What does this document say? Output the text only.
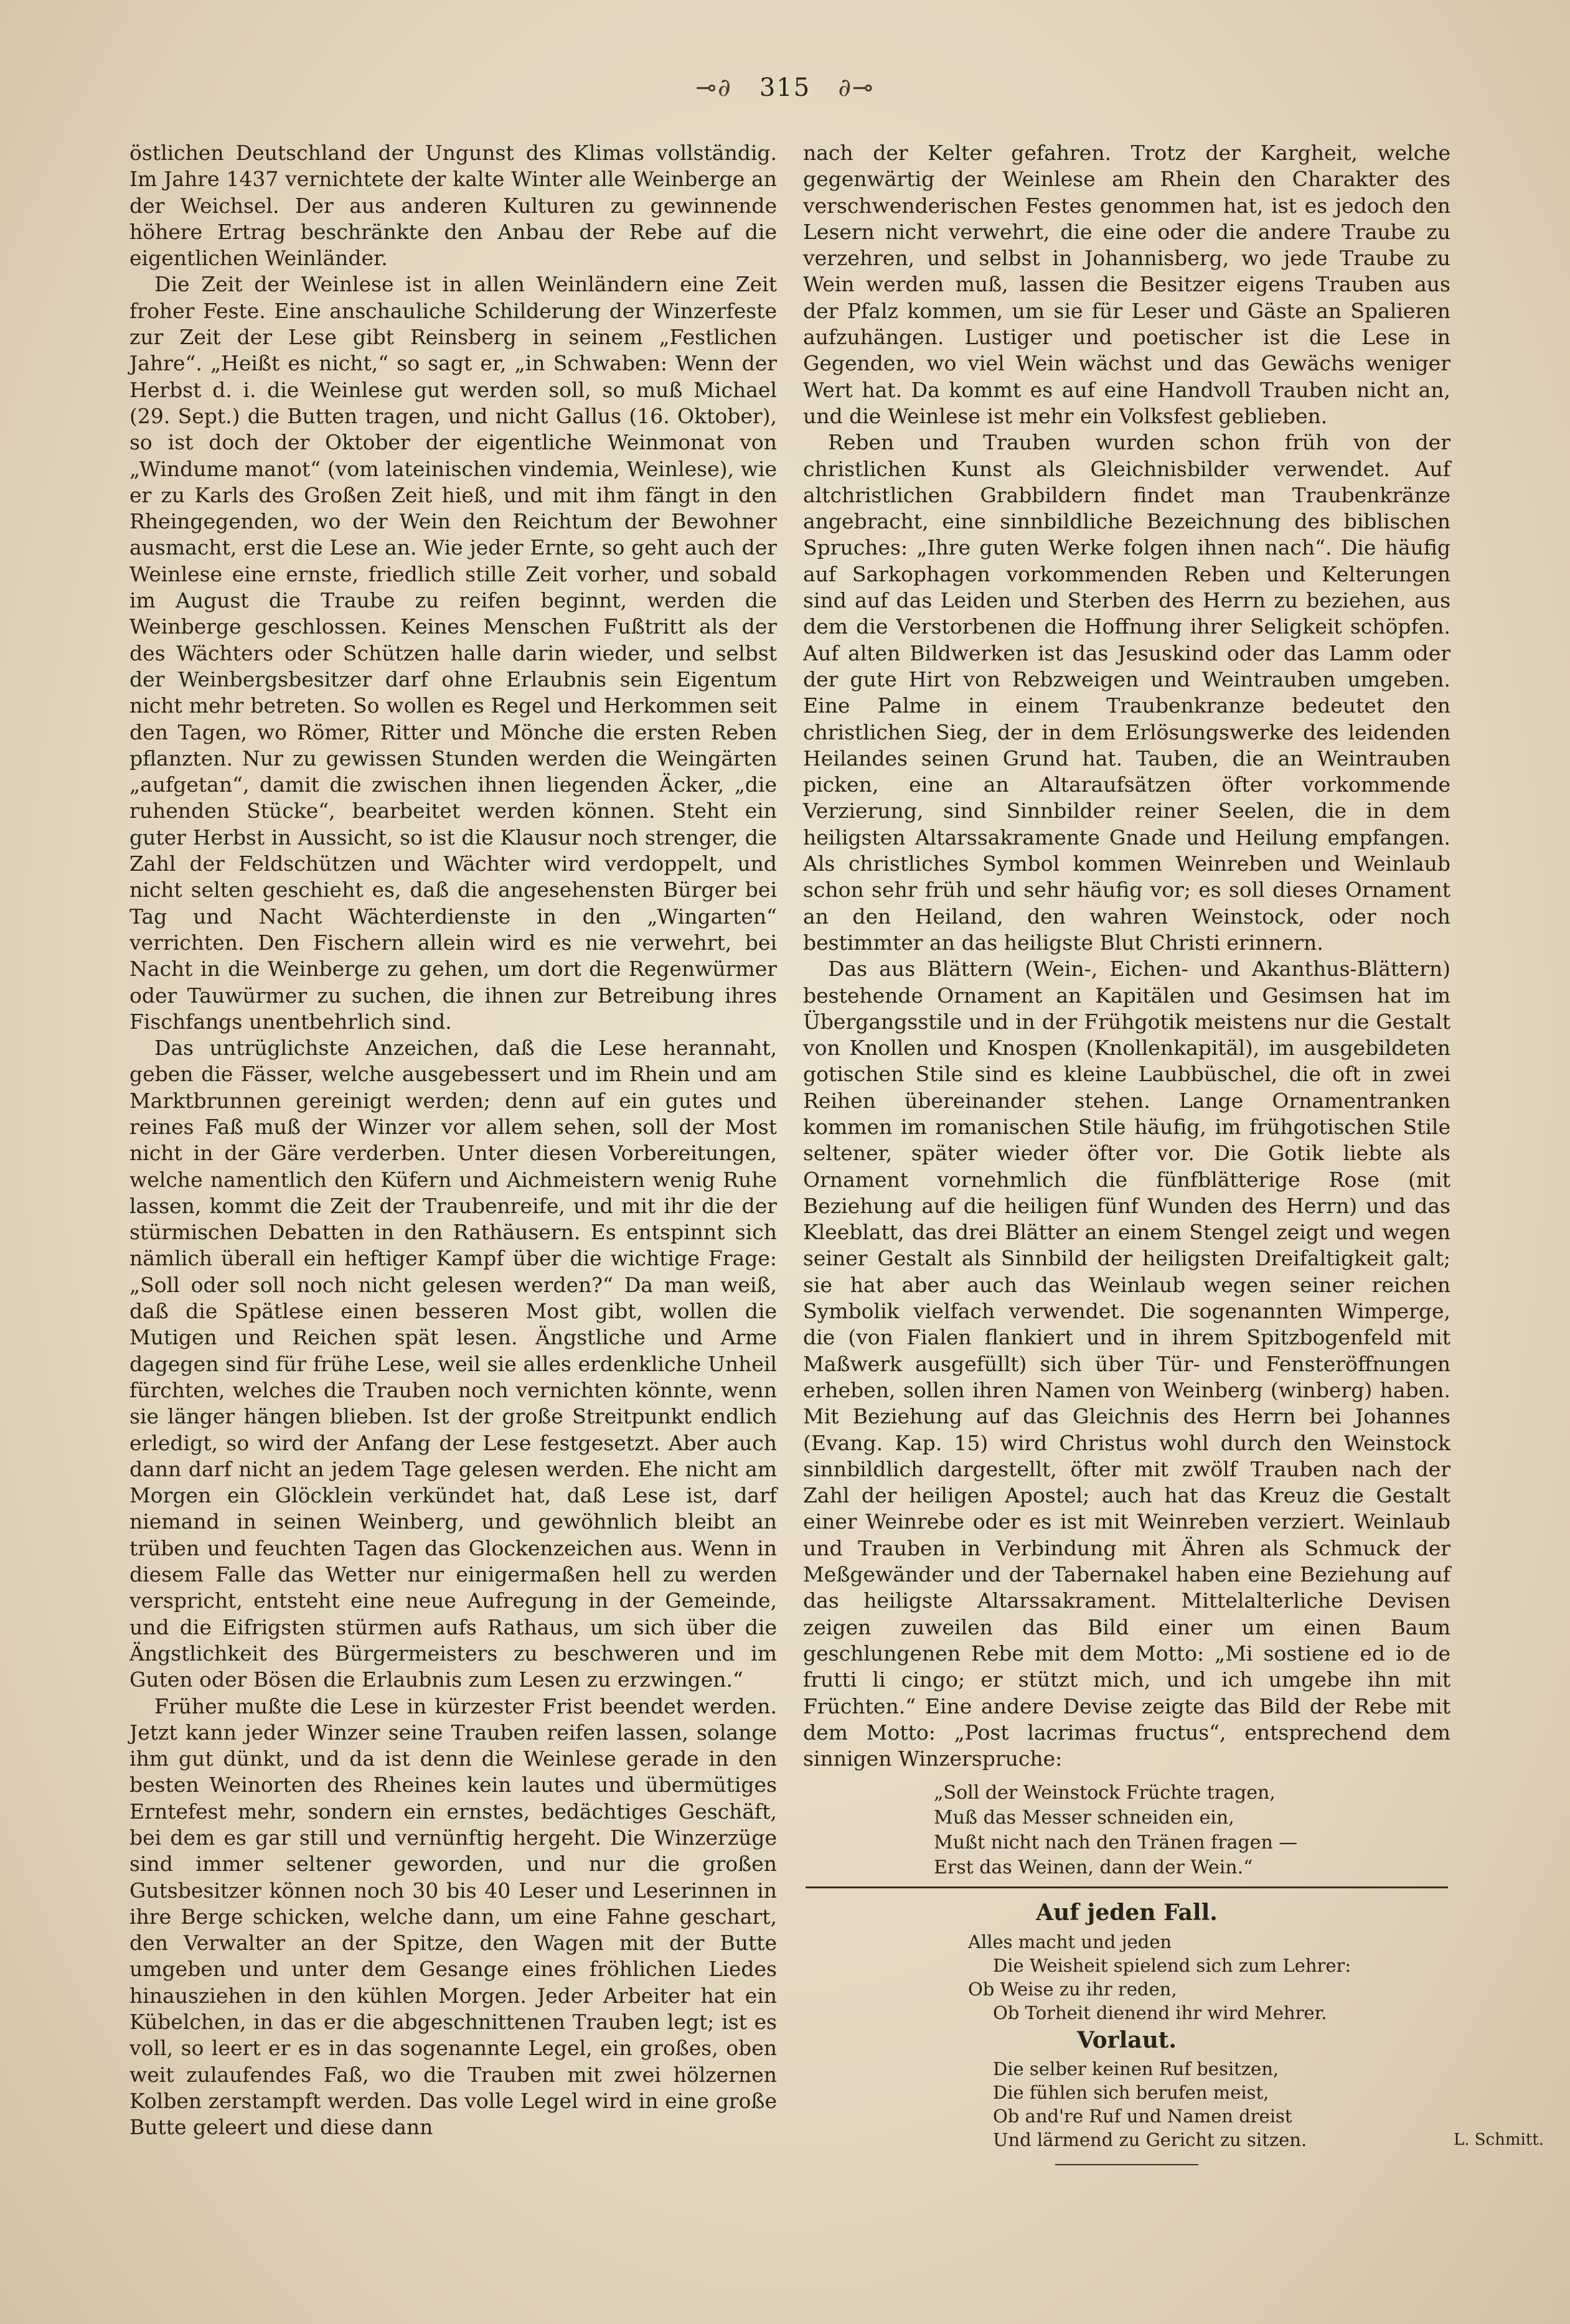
⊸∂ 315 ∂⊸

östlichen Deutschland der Ungunst des Klimas vollständig. Im Jahre 1437 vernichtete der kalte Winter alle Weinberge an der Weichsel. Der aus anderen Kulturen zu gewinnende höhere Ertrag beschränkte den Anbau der Rebe auf die eigentlichen Weinländer.

Die Zeit der Weinlese ist in allen Weinländern eine Zeit froher Feste. Eine anschauliche Schilderung der Winzerfeste zur Zeit der Lese gibt Reinsberg in seinem „Festlichen Jahre“. „Heißt es nicht,“ so sagt er, „in Schwaben: Wenn der Herbst d. i. die Weinlese gut werden soll, so muß Michael (29. Sept.) die Butten tragen, und nicht Gallus (16. Oktober), so ist doch der Oktober der eigentliche Weinmonat von „Windume manot“ (vom lateinischen vindemia, Weinlese), wie er zu Karls des Großen Zeit hieß, und mit ihm fängt in den Rheingegenden, wo der Wein den Reichtum der Bewohner ausmacht, erst die Lese an. Wie jeder Ernte, so geht auch der Weinlese eine ernste, friedlich stille Zeit vorher, und sobald im August die Traube zu reifen beginnt, werden die Weinberge geschlossen. Keines Menschen Fußtritt als der des Wächters oder Schützen halle darin wieder, und selbst der Weinbergsbesitzer darf ohne Erlaubnis sein Eigentum nicht mehr betreten. So wollen es Regel und Herkommen seit den Tagen, wo Römer, Ritter und Mönche die ersten Reben pflanzten. Nur zu gewissen Stunden werden die Weingärten „aufgetan“, damit die zwischen ihnen liegenden Äcker, „die ruhenden Stücke“, bearbeitet werden können. Steht ein guter Herbst in Aussicht, so ist die Klausur noch strenger, die Zahl der Feldschützen und Wächter wird verdoppelt, und nicht selten geschieht es, daß die angesehensten Bürger bei Tag und Nacht Wächterdienste in den „Wingarten“ verrichten. Den Fischern allein wird es nie verwehrt, bei Nacht in die Weinberge zu gehen, um dort die Regenwürmer oder Tauwürmer zu suchen, die ihnen zur Betreibung ihres Fischfangs unentbehrlich sind.

Das untrüglichste Anzeichen, daß die Lese herannaht, geben die Fässer, welche ausgebessert und im Rhein und am Marktbrunnen gereinigt werden; denn auf ein gutes und reines Faß muß der Winzer vor allem sehen, soll der Most nicht in der Gäre verderben. Unter diesen Vorbereitungen, welche namentlich den Küfern und Aichmeistern wenig Ruhe lassen, kommt die Zeit der Traubenreife, und mit ihr die der stürmischen Debatten in den Rathäusern. Es entspinnt sich nämlich überall ein heftiger Kampf über die wichtige Frage: „Soll oder soll noch nicht gelesen werden?“ Da man weiß, daß die Spätlese einen besseren Most gibt, wollen die Mutigen und Reichen spät lesen. Ängstliche und Arme dagegen sind für frühe Lese, weil sie alles erdenkliche Unheil fürchten, welches die Trauben noch vernichten könnte, wenn sie länger hängen blieben. Ist der große Streitpunkt endlich erledigt, so wird der Anfang der Lese festgesetzt. Aber auch dann darf nicht an jedem Tage gelesen werden. Ehe nicht am Morgen ein Glöcklein verkündet hat, daß Lese ist, darf niemand in seinen Weinberg, und gewöhnlich bleibt an trüben und feuchten Tagen das Glockenzeichen aus. Wenn in diesem Falle das Wetter nur einigermaßen hell zu werden verspricht, entsteht eine neue Aufregung in der Gemeinde, und die Eifrigsten stürmen aufs Rathaus, um sich über die Ängstlichkeit des Bürgermeisters zu beschweren und im Guten oder Bösen die Erlaubnis zum Lesen zu erzwingen.“

Früher mußte die Lese in kürzester Frist beendet werden. Jetzt kann jeder Winzer seine Trauben reifen lassen, solange ihm gut dünkt, und da ist denn die Weinlese gerade in den besten Weinorten des Rheines kein lautes und übermütiges Erntefest mehr, sondern ein ernstes, bedächtiges Geschäft, bei dem es gar still und vernünftig hergeht. Die Winzerzüge sind immer seltener geworden, und nur die großen Gutsbesitzer können noch 30 bis 40 Leser und Leserinnen in ihre Berge schicken, welche dann, um eine Fahne geschart, den Verwalter an der Spitze, den Wagen mit der Butte umgeben und unter dem Gesange eines fröhlichen Liedes hinausziehen in den kühlen Morgen. Jeder Arbeiter hat ein Kübelchen, in das er die abgeschnittenen Trauben legt; ist es voll, so leert er es in das sogenannte Legel, ein großes, oben weit zulaufendes Faß, wo die Trauben mit zwei hölzernen Kolben zerstampft werden. Das volle Legel wird in eine große Butte geleert und diese dann

nach der Kelter gefahren. Trotz der Kargheit, welche gegenwärtig der Weinlese am Rhein den Charakter des verschwenderischen Festes genommen hat, ist es jedoch den Lesern nicht verwehrt, die eine oder die andere Traube zu verzehren, und selbst in Johannisberg, wo jede Traube zu Wein werden muß, lassen die Besitzer eigens Trauben aus der Pfalz kommen, um sie für Leser und Gäste an Spalieren aufzuhängen. Lustiger und poetischer ist die Lese in Gegenden, wo viel Wein wächst und das Gewächs weniger Wert hat. Da kommt es auf eine Handvoll Trauben nicht an, und die Weinlese ist mehr ein Volksfest geblieben.

Reben und Trauben wurden schon früh von der christlichen Kunst als Gleichnisbilder verwendet. Auf altchristlichen Grabbildern findet man Traubenkränze angebracht, eine sinnbildliche Bezeichnung des biblischen Spruches: „Ihre guten Werke folgen ihnen nach“. Die häufig auf Sarkophagen vorkommenden Reben und Kelterungen sind auf das Leiden und Sterben des Herrn zu beziehen, aus dem die Verstorbenen die Hoffnung ihrer Seligkeit schöpfen. Auf alten Bildwerken ist das Jesuskind oder das Lamm oder der gute Hirt von Rebzweigen und Weintrauben umgeben. Eine Palme in einem Traubenkranze bedeutet den christlichen Sieg, der in dem Erlösungswerke des leidenden Heilandes seinen Grund hat. Tauben, die an Weintrauben picken, eine an Altaraufsätzen öfter vorkommende Verzierung, sind Sinnbilder reiner Seelen, die in dem heiligsten Altarssakramente Gnade und Heilung empfangen. Als christliches Symbol kommen Weinreben und Weinlaub schon sehr früh und sehr häufig vor; es soll dieses Ornament an den Heiland, den wahren Weinstock, oder noch bestimmter an das heiligste Blut Christi erinnern.

Das aus Blättern (Wein-, Eichen- und Akanthus-Blättern) bestehende Ornament an Kapitälen und Gesimsen hat im Übergangsstile und in der Frühgotik meistens nur die Gestalt von Knollen und Knospen (Knollenkapitäl), im ausgebildeten gotischen Stile sind es kleine Laubbüschel, die oft in zwei Reihen übereinander stehen. Lange Ornamentranken kommen im romanischen Stile häufig, im frühgotischen Stile seltener, später wieder öfter vor. Die Gotik liebte als Ornament vornehmlich die fünfblätterige Rose (mit Beziehung auf die heiligen fünf Wunden des Herrn) und das Kleeblatt, das drei Blätter an einem Stengel zeigt und wegen seiner Gestalt als Sinnbild der heiligsten Dreifaltigkeit galt; sie hat aber auch das Weinlaub wegen seiner reichen Symbolik vielfach verwendet. Die sogenannten Wimperge, die (von Fialen flankiert und in ihrem Spitzbogenfeld mit Maßwerk ausgefüllt) sich über Tür- und Fensteröffnungen erheben, sollen ihren Namen von Weinberg (winberg) haben. Mit Beziehung auf das Gleichnis des Herrn bei Johannes (Evang. Kap. 15) wird Christus wohl durch den Weinstock sinnbildlich dargestellt, öfter mit zwölf Trauben nach der Zahl der heiligen Apostel; auch hat das Kreuz die Gestalt einer Weinrebe oder es ist mit Weinreben verziert. Weinlaub und Trauben in Verbindung mit Ähren als Schmuck der Meßgewänder und der Tabernakel haben eine Beziehung auf das heiligste Altarssakrament. Mittelalterliche Devisen zeigen zuweilen das Bild einer um einen Baum geschlungenen Rebe mit dem Motto: „Mi sostiene ed io de frutti li cingo; er stützt mich, und ich umgebe ihn mit Früchten.“ Eine andere Devise zeigte das Bild der Rebe mit dem Motto: „Post lacrimas fructus“, entsprechend dem sinnigen Winzerspruche:

„Soll der Weinstock Früchte tragen,
Muß das Messer schneiden ein,
Mußt nicht nach den Tränen fragen —
Erst das Weinen, dann der Wein.“
Auf jeden Fall.
Alles macht und jeden
Die Weisheit spielend sich zum Lehrer:
Ob Weise zu ihr reden,
Ob Torheit dienend ihr wird Mehrer.
Vorlaut.
Die selber keinen Ruf besitzen,
Die fühlen sich berufen meist,
Ob and're Ruf und Namen dreist
Und lärmend zu Gericht zu sitzen.	L. Schmitt.
